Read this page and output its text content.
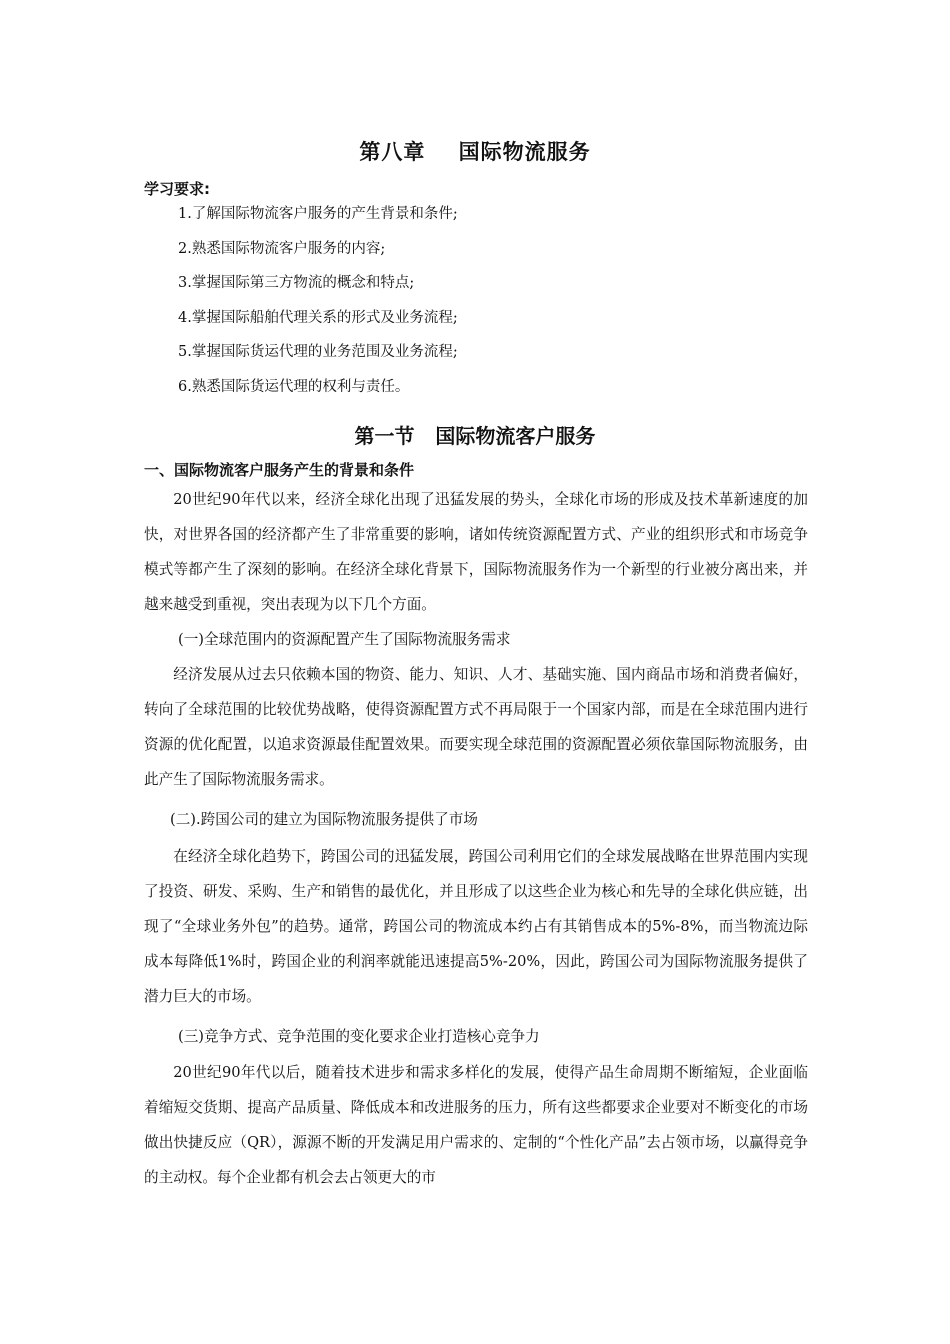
第八章    国际物流服务
学习要求:
1.了解国际物流客户服务的产生背景和条件;
2.熟悉国际物流客户服务的内容;
3.掌握国际第三方物流的概念和特点;
4.掌握国际船舶代理关系的形式及业务流程;
5.掌握国际货运代理的业务范围及业务流程;
6.熟悉国际货运代理的权利与责任。
第一节   国际物流客户服务
一、国际物流客户服务产生的背景和条件

20世纪90年代以来，经济全球化出现了迅猛发展的势头，全球化市场的形成及技术革新速度的加快，对世界各国的经济都产生了非常重要的影响，诸如传统资源配置方式、产业的组织形式和市场竞争模式等都产生了深刻的影响。在经济全球化背景下，国际物流服务作为一个新型的行业被分离出来，并越来越受到重视，突出表现为以下几个方面。

(一)全球范围内的资源配置产生了国际物流服务需求

经济发展从过去只依赖本国的物资、能力、知识、人才、基础实施、国内商品市场和消费者偏好，转向了全球范围的比较优势战略，使得资源配置方式不再局限于一个国家内部，而是在全球范围内进行资源的优化配置，以追求资源最佳配置效果。而要实现全球范围的资源配置必须依靠国际物流服务，由此产生了国际物流服务需求。

(二).跨国公司的建立为国际物流服务提供了市场

在经济全球化趋势下，跨国公司的迅猛发展，跨国公司利用它们的全球发展战略在世界范围内实现了投资、研发、采购、生产和销售的最优化，并且形成了以这些企业为核心和先导的全球化供应链，出现了“全球业务外包”的趋势。通常，跨国公司的物流成本约占有其销售成本的5%-8%，而当物流边际成本每降低1%时，跨国企业的利润率就能迅速提高5%-20%，因此，跨国公司为国际物流服务提供了潜力巨大的市场。

(三)竞争方式、竞争范围的变化要求企业打造核心竞争力

20世纪90年代以后，随着技术进步和需求多样化的发展，使得产品生命周期不断缩短，企业面临着缩短交货期、提高产品质量、降低成本和改进服务的压力，所有这些都要求企业要对不断变化的市场做出快捷反应（QR），源源不断的开发满足用户需求的、定制的“个性化产品”去占领市场，以赢得竞争的主动权。每个企业都有机会去占领更大的市
